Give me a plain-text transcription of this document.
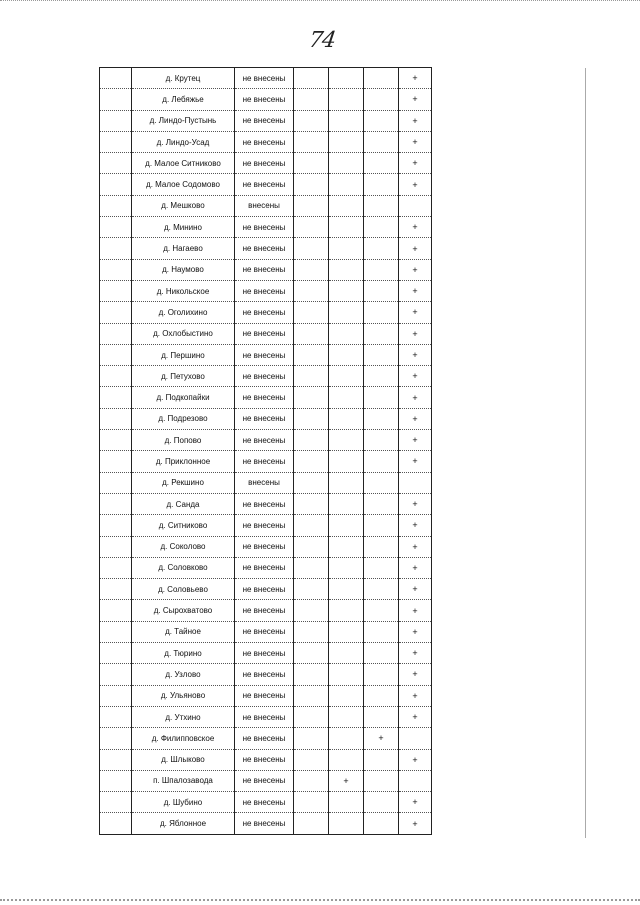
74
	д. Крутец	не внесены				+
	д. Лебяжье	не внесены				+
	д. Линдо-Пустынь	не внесены				+
	д. Линдо-Усад	не внесены				+
	д. Малое Ситниково	не внесены				+
	д. Малое Содомово	не внесены				+
	д. Мешково	внесены				
	д. Минино	не внесены				+
	д. Нагаево	не внесены				+
	д. Наумово	не внесены				+
	д. Никольское	не внесены				+
	д. Оголихино	не внесены				+
	д. Охлобыстино	не внесены				+
	д. Першино	не внесены				+
	д. Петухово	не внесены				+
	д. Подкопайки	не внесены				+
	д. Подрезово	не внесены				+
	д. Попово	не внесены				+
	д. Приклонное	не внесены				+
	д. Рекшино	внесены				
	д. Санда	не внесены				+
	д. Ситниково	не внесены				+
	д. Соколово	не внесены				+
	д. Соловково	не внесены				+
	д. Соловьево	не внесены				+
	д. Сырохватово	не внесены				+
	д. Тайное	не внесены				+
	д. Тюрино	не внесены				+
	д. Узлово	не внесены				+
	д. Ульяново	не внесены				+
	д. Утхино	не внесены				+
	д. Филипповское	не внесены			+	
	д. Шлыково	не внесены				+
	п. Шпалозавода	не внесены		+		
	д. Шубино	не внесены				+
	д. Яблонное	не внесены				+
